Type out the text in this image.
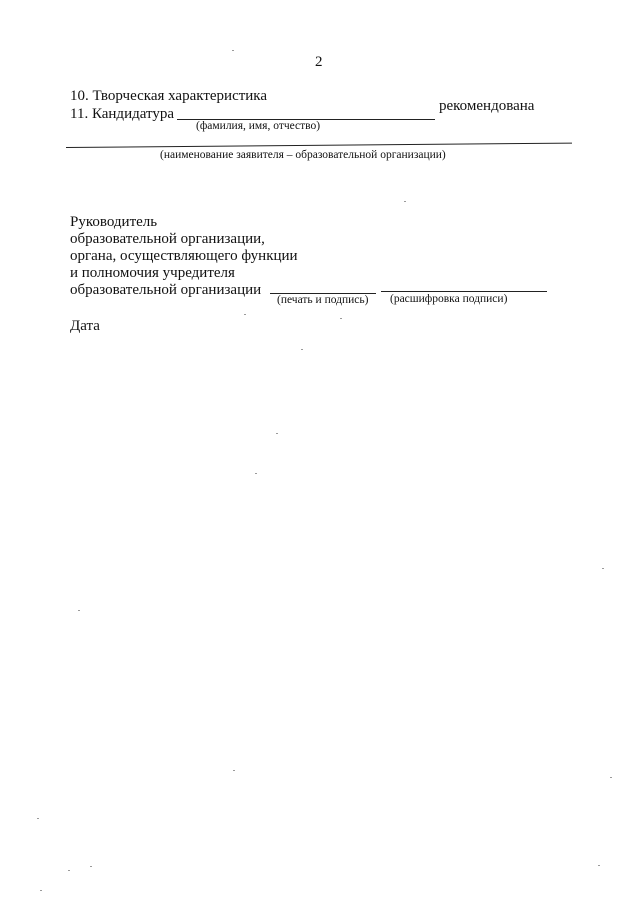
2
10. Творческая характеристика
11. Кандидатура	рекомендована
(фамилия, имя, отчество)
(наименование заявителя – образовательной организации)
Руководитель
образовательной организации,
органа, осуществляющего функции
и полномочия учредителя
образовательной организации
(печать и подпись) (расшифровка подписи)
Дата
